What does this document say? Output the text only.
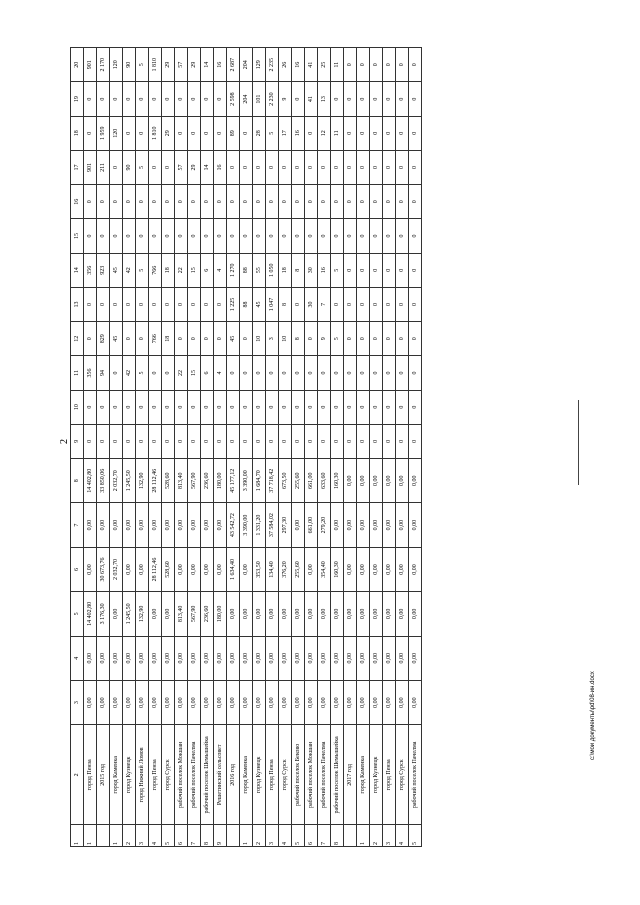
2
c:\мои документы\pd\08-ин.docx
1	2	3	4	5	6	7	8	9	10	11	12	13	14	15	16	17	18	19	20
1	город Пенза	0,00	0,00	14 402,80	0,00	0,00	14 402,80	0	0	356	0	0	356	0	0	901	0	0	901
	2015 год	0,00	0,00	3 176,30	30 673,76	0,00	33 850,06	0	0	94	829	0	923	0	0	211	1 959	0	2 170
1	город Каменка	0,00	0,00	0,00	2 032,70	0,00	2 032,70	0	0	0	45	0	45	0	0	0	120	0	120
2	город Кузнецк	0,00	0,00	1 245,50	0,00	0,00	1 245,50	0	0	42	0	0	42	0	0	90	0	0	90
3	город Нижний Ломов	0,00	0,00	132,90	0,00	0,00	132,90	0	0	5	0	0	5	0	0	5	0	0	5
4	город Пенза	0,00	0,00	0,00	28 112,46	0,00	28 112,46	0	0	0	766	0	766	0	0	0	1 810	0	1 810
5	город Сурск	0,00	0,00	0,00	528,60	0,00	528,60	0	0	0	18	0	18	0	0	0	29	0	29
6	рабочий поселок Мокшан	0,00	0,00	813,40	0,00	0,00	813,40	0	0	22	0	0	22	0	0	57	0	0	57
7	рабочий поселок Пачелма	0,00	0,00	567,90	0,00	0,00	567,90	0	0	15	0	0	15	0	0	29	0	0	29
8	рабочий поселок Шемышейка	0,00	0,00	236,60	0,00	0,00	236,60	0	0	6	0	0	6	0	0	14	0	0	14
9	Решетинский сельсовет	0,00	0,00	180,00	0,00	0,00	180,00	0	0	4	0	0	4	0	0	16	0	0	16
	2016 год	0,00	0,00	0,00	1 634,40	43 542,72	45 177,12	0	0	0	45	1 225	1 270	0	0	0	89	2 598	2 687
1	город Каменка	0,00	0,00	0,00	0,00	3 390,00	3 390,00	0	0	0	0	88	88	0	0	0	0	204	204
2	город Кузнецк	0,00	0,00	0,00	353,50	1 331,20	1 684,70	0	0	0	10	45	55	0	0	0	28	101	129
3	город Пенза	0,00	0,00	0,00	134,40	37 584,02	37 718,42	0	0	0	3	1 047	1 050	0	0	0	5	2 230	2 235
4	город Сурск	0,00	0,00	0,00	376,20	297,30	673,50	0	0	0	10	8	18	0	0	0	17	9	26
5	рабочий поселок Беково	0,00	0,00	0,00	255,60	0,00	255,60	0	0	0	8	0	8	0	0	0	16	0	16
6	рабочий поселок Мокшан	0,00	0,00	0,00	0,00	661,00	661,00	0	0	0	0	30	30	0	0	0	0	41	41
7	рабочий поселок Пачелма	0,00	0,00	0,00	354,40	279,20	633,60	0	0	0	9	7	16	0	0	0	12	13	25
8	рабочий поселок Шемышейка	0,00	0,00	0,00	160,30	0,00	160,30	0	0	0	5	0	5	0	0	0	11	0	11
	2017 год	0,00	0,00	0,00	0,00	0,00	0,00	0	0	0	0	0	0	0	0	0	0	0	0
1	город Каменка	0,00	0,00	0,00	0,00	0,00	0,00	0	0	0	0	0	0	0	0	0	0	0	0
2	город Кузнецк	0,00	0,00	0,00	0,00	0,00	0,00	0	0	0	0	0	0	0	0	0	0	0	0
3	город Пенза	0,00	0,00	0,00	0,00	0,00	0,00	0	0	0	0	0	0	0	0	0	0	0	0
4	город Сурск	0,00	0,00	0,00	0,00	0,00	0,00	0	0	0	0	0	0	0	0	0	0	0	0
5	рабочий поселок Пачелма	0,00	0,00	0,00	0,00	0,00	0,00	0	0	0	0	0	0	0	0	0	0	0	0
